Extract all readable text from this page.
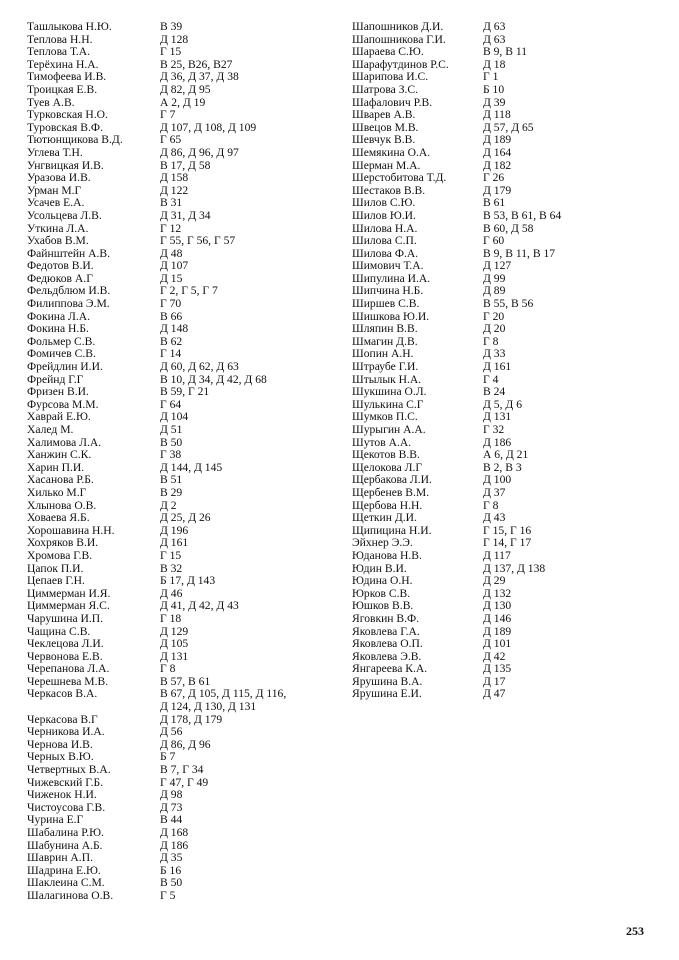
Ташлыкова Н.Ю.	В 39
Теплова Н.Н.	Д 128
Теплова Т.А.	Г 15
Терёхина Н.А.	В 25, В26, В27
Тимофеева И.В.	Д 36, Д 37, Д 38
Троицкая Е.В.	Д 82, Д 95
Туев А.В.	А 2, Д 19
Турковская Н.О.	Г 7
Туровская В.Ф.	Д 107, Д 108, Д 109
Тютюнщикова В.Д.	Г 65
Углева Т.Н.	Д 86, Д 96, Д 97
Унгвицкая И.В.	В 17, Д 58
Уразова И.В.	Д 158
Урман М.Г	Д 122
Усачев Е.А.	В 31
Усольцева Л.В.	Д 31, Д 34
Уткина Л.А.	Г 12
Ухабов В.М.	Г 55, Г 56, Г 57
Файнштейн А.В.	Д 48
Федотов В.И.	Д 107
Федюков А.Г	Д 15
Фельдблюм И.В.	Г 2, Г 5, Г 7
Филиппова Э.М.	Г 70
Фокина Л.А.	В 66
Фокина Н.Б.	Д 148
Фольмер С.В.	В 62
Фомичев С.В.	Г 14
Фрейдлин И.И.	Д 60, Д 62, Д 63
Фрейнд Г.Г	В 10, Д 34, Д 42, Д 68
Фризен В.И.	В 59, Г 21
Фурсова М.М.	Г 64
Хаврай Е.Ю.	Д 104
Халед М.	Д 51
Халимова Л.А.	В 50
Ханжин С.К.	Г 38
Харин П.И.	Д 144, Д 145
Хасанова Р.Б.	В 51
Хилько М.Г	В 29
Хлынова О.В.	Д 2
Ховаева Я.Б.	Д 25, Д 26
Хорошавина Н.Н.	Д 196
Хохряков В.И.	Д 161
Хромова Г.В.	Г 15
Цапок П.И.	В 32
Цепаев Г.Н.	Б 17, Д 143
Циммерман И.Я.	Д 46
Циммерман Я.С.	Д 41, Д 42, Д 43
Чарушина И.П.	Г 18
Чащина С.В.	Д 129
Чеклецова Л.И.	Д 105
Червонова Е.В.	Д 131
Черепанова Л.А.	Г 8
Черешнева М.В.	В 57, В 61
Черкасов В.А.	В 67, Д 105, Д 115, Д 116,
Д 124, Д 130, Д 131
Черкасова В.Г	Д 178, Д 179
Черникова И.А.	Д 56
Чернова И.В.	Д 86, Д 96
Черных В.Ю.	Б 7
Четвертных В.А.	В 7, Г 34
Чижевский Г.Б.	Г 47, Г 49
Чиженок Н.И.	Д 98
Чистоусова Г.В.	Д 73
Чурина Е.Г	В 44
Шабалина Р.Ю.	Д 168
Шабунина А.Б.	Д 186
Шаврин А.П.	Д 35
Шадрина Е.Ю.	Б 16
Шаклеина С.М.	В 50
Шалагинова О.В.	Г 5
Шапошников Д.И.	Д 63
Шапошникова Г.И.	Д 63
Шараева С.Ю.	В 9, В 11
Шарафутдинов Р.С.	Д 18
Шарипова И.С.	Г 1
Шатрова З.С.	Б 10
Шафалович Р.В.	Д 39
Шварев А.В.	Д 118
Швецов М.В.	Д 57, Д 65
Шевчук В.В.	Д 189
Шемякина О.А.	Д 164
Шерман М.А.	Д 182
Шерстобитова Т.Д.	Г 26
Шестаков В.В.	Д 179
Шилов С.Ю.	В 61
Шилов Ю.И.	В 53, В 61, В 64
Шилова Н.А.	В 60, Д 58
Шилова С.П.	Г 60
Шилова Ф.А.	В 9, В 11, В 17
Шимович Т.А.	Д 127
Шипулина И.А.	Д 99
Шипчина Н.Б.	Д 89
Ширшев С.В.	В 55, В 56
Шишкова Ю.И.	Г 20
Шляпин В.В.	Д 20
Шмагин Д.В.	Г 8
Шопин А.Н.	Д 33
Штраубе Г.И.	Д 161
Штылык Н.А.	Г 4
Шукшина О.Л.	В 24
Шулькина С.Г	Д 5, Д 6
Шумков П.С.	Д 131
Шурыгин А.А.	Г 32
Шутов А.А.	Д 186
Щекотов В.В.	А 6, Д 21
Щелокова Л.Г	В 2, В 3
Щербакова Л.И.	Д 100
Щербенев В.М.	Д 37
Щербова Н.Н.	Г 8
Щеткин Д.И.	Д 43
Щипицина Н.И.	Г 15, Г 16
Эйхнер Э.Э.	Г 14, Г 17
Юданова Н.В.	Д 117
Юдин В.И.	Д 137, Д 138
Юдина О.Н.	Д 29
Юрков С.В.	Д 132
Юшков В.В.	Д 130
Яговкин В.Ф.	Д 146
Яковлева Г.А.	Д 189
Яковлева О.П.	Д 101
Яковлева Э.В.	Д 42
Янгареева К.А.	Д 135
Ярушина В.А.	Д 17
Ярушина Е.И.	Д 47
253
